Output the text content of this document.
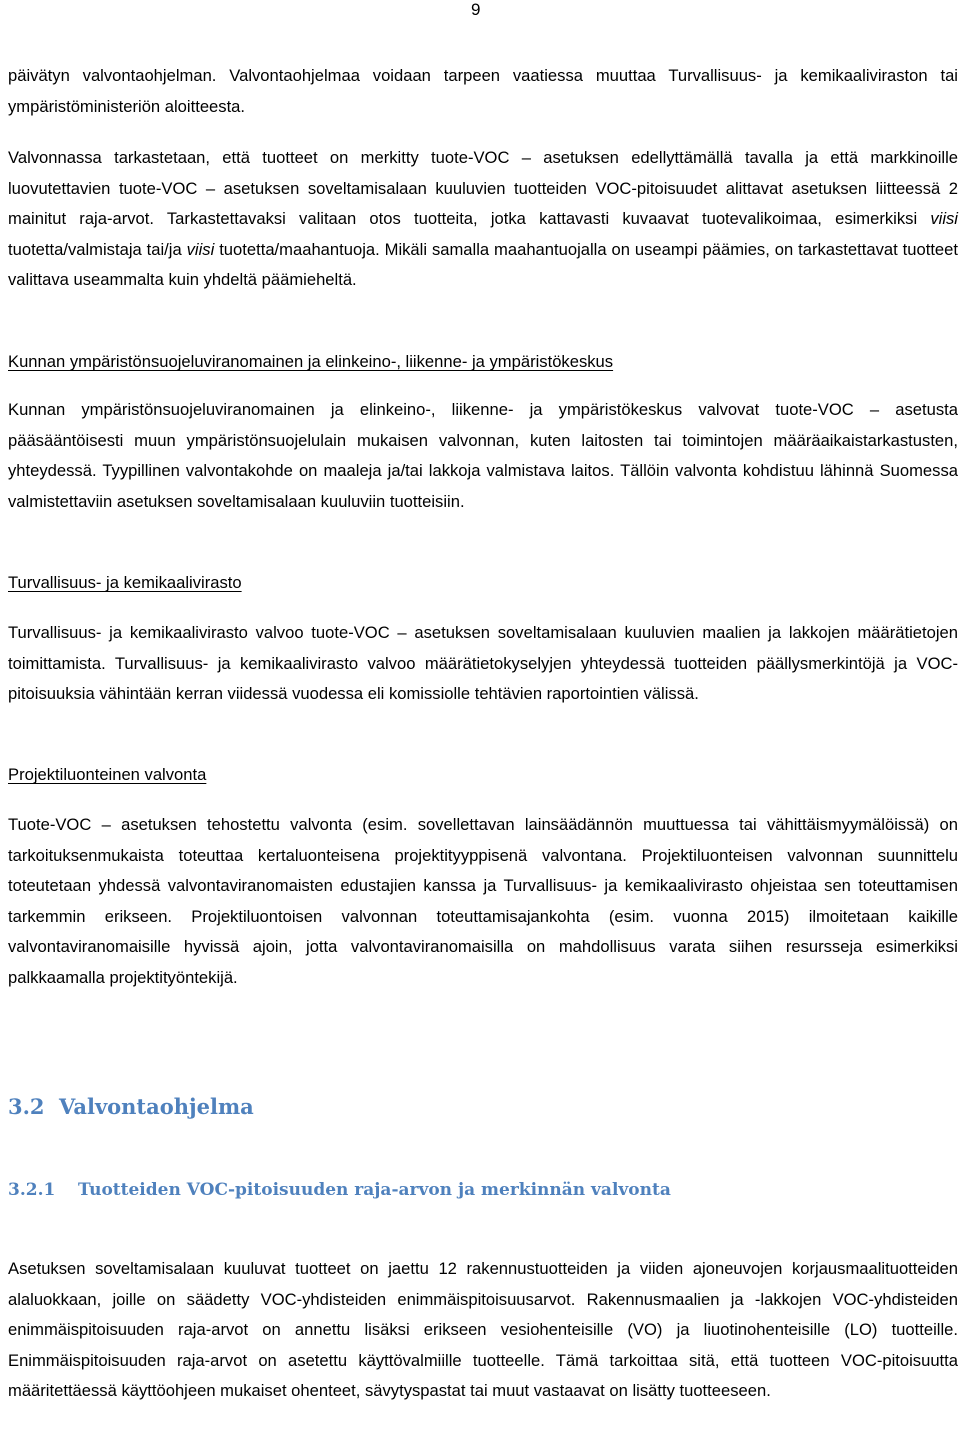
9

päivätyn valvontaohjelman. Valvontaohjelmaa voidaan tarpeen vaatiessa muuttaa Turvallisuus- ja kemikaaliviraston tai ympäristöministeriön aloitteesta.

Valvonnassa tarkastetaan, että tuotteet on merkitty tuote-VOC – asetuksen edellyttämällä tavalla ja että markkinoille luovutettavien tuote-VOC – asetuksen soveltamisalaan kuuluvien tuotteiden VOC-pitoisuudet alittavat asetuksen liitteessä 2 mainitut raja-arvot. Tarkastettavaksi valitaan otos tuotteita, jotka kattavasti kuvaavat tuotevalikoimaa, esimerkiksi viisi tuotetta/valmistaja tai/ja viisi tuotetta/maahantuoja. Mikäli samalla maahantuojalla on useampi päämies, on tarkastettavat tuotteet valittava useammalta kuin yhdeltä päämieheltä.

Kunnan ympäristönsuojeluviranomainen ja elinkeino-, liikenne- ja ympäristökeskus

Kunnan ympäristönsuojeluviranomainen ja elinkeino-, liikenne- ja ympäristökeskus valvovat tuote-VOC – asetusta pääsääntöisesti muun ympäristönsuojelulain mukaisen valvonnan, kuten laitosten tai toimintojen määräaikaistarkastusten, yhteydessä. Tyypillinen valvontakohde on maaleja ja/tai lakkoja valmistava laitos. Tällöin valvonta kohdistuu lähinnä Suomessa valmistettaviin asetuksen soveltamisalaan kuuluviin tuotteisiin.

Turvallisuus- ja kemikaalivirasto

Turvallisuus- ja kemikaalivirasto valvoo tuote-VOC – asetuksen soveltamisalaan kuuluvien maalien ja lakkojen määrätietojen toimittamista. Turvallisuus- ja kemikaalivirasto valvoo määrätietokyselyjen yhteydessä tuotteiden päällysmerkintöjä ja VOC-pitoisuuksia vähintään kerran viidessä vuodessa eli komissiolle tehtävien raportointien välissä.

Projektiluonteinen valvonta

Tuote-VOC – asetuksen tehostettu valvonta (esim. sovellettavan lainsäädännön muuttuessa tai vähittäismyymälöissä) on tarkoituksenmukaista toteuttaa kertaluonteisena projektityyppisenä valvontana. Projektiluonteisen valvonnan suunnittelu toteutetaan yhdessä valvontaviranomaisten edustajien kanssa ja Turvallisuus- ja kemikaalivirasto ohjeistaa sen toteuttamisen tarkemmin erikseen. Projektiluontoisen valvonnan toteuttamisajankohta (esim. vuonna 2015) ilmoitetaan kaikille valvontaviranomaisille hyvissä ajoin, jotta valvontaviranomaisilla on mahdollisuus varata siihen resursseja esimerkiksi palkkaamalla projektityöntekijä.

3.2 Valvontaohjelma
3.2.1 Tuotteiden VOC-pitoisuuden raja-arvon ja merkinnän valvonta

Asetuksen soveltamisalaan kuuluvat tuotteet on jaettu 12 rakennustuotteiden ja viiden ajoneuvojen korjausmaalituotteiden alaluokkaan, joille on säädetty VOC-yhdisteiden enimmäispitoisuusarvot. Rakennusmaalien ja -lakkojen VOC-yhdisteiden enimmäispitoisuuden raja-arvot on annettu lisäksi erikseen vesiohenteisille (VO) ja liuotinohenteisille (LO) tuotteille. Enimmäispitoisuuden raja-arvot on asetettu käyttövalmiille tuotteelle. Tämä tarkoittaa sitä, että tuotteen VOC-pitoisuutta määritettäessä käyttöohjeen mukaiset ohenteet, sävytyspastat tai muut vastaavat on lisätty tuotteeseen.
